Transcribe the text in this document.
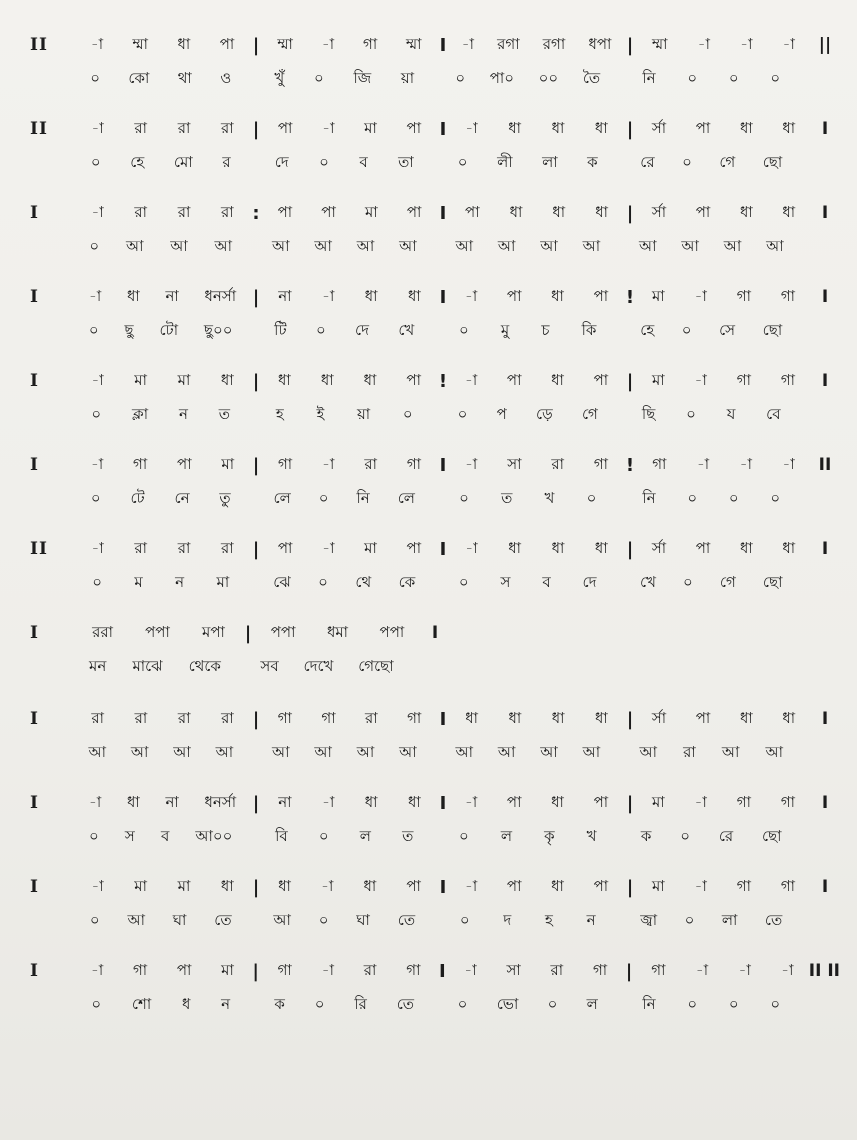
II	-া ম্মা ধা পা | ম্মা -া গা ম্মা I -া রগা রগা ধপা | ম্মা -া -া -া	||
০ কো থা ও	খুঁ ০ জি য়া	০ পা০ ০০ তৈ	নি ০ ০ ০
II	-া রা রা রা | পা -া মা পা I -া ধা ধা ধা | র্সা পা ধা ধা	I
০ হে মো র	দে ০ ব তা	০ লী লা ক	রে ০ গে ছো
I	-া রা রা রা : পা পা মা পা I পা ধা ধা ধা | র্সা পা ধা ধা	I
০ আ আ আ	আ আ আ আ	আ আ আ আ	আ আ আ আ
I	-া ধা না ধনর্সা | না -া ধা ধা I -া পা ধা পা ! মা -া গা গা	I
০ ছু টো ছু০০	টি ০ দে খে	০ মু চ কি	হে ০ সে ছো
I	-া মা মা ধা | ধা ধা ধা পা ! -া পা ধা পা | মা -া গা গা	I
০ ক্লা ন ত	হ ই য়া ০	০ প ড়ে গে	ছি ০ য বে
I	-া গা পা মা | গা -া রা গা I -া সা রা গা ! গা -া -া -া	II
০ টে নে তু	লে ০ নি লে	০ ত খ ০	নি ০ ০ ০
II	-া রা রা রা | পা -া মা পা I -া ধা ধা ধা | র্সা পা ধা ধা	I
০ ম ন মা	ঝে ০ থে কে	০ স ব দে	খে ০ গে ছো
I	ররা পপা মপা | পপা ধমা পপা	I
মন মাঝে থেকে	সব দেখে গেছো
I	রা রা রা রা | গা গা রা গা I ধা ধা ধা ধা | র্সা পা ধা ধা	I
আ আ আ আ	আ আ আ আ	আ আ আ আ	আ রা আ আ
I	-া ধা না ধনর্সা | না -া ধা ধা I -া পা ধা পা | মা -া গা গা	I
০ স ব আ০০	বি ০ ল ত	০ ল কৃ খ	ক ০ রে ছো
I	-া মা মা ধা | ধা -া ধা পা I -া পা ধা পা | মা -া গা গা	I
০ আ ঘা তে	আ ০ ঘা তে	০ দ হ ন	জ্বা ০ লা তে
I	-া গা পা মা | গা -া রা গা I -া সা রা গা | গা -া -া -া II II
০ শো ধ ন	ক ০ রি তে	০ ভো ০ ল	নি ০ ০ ০
